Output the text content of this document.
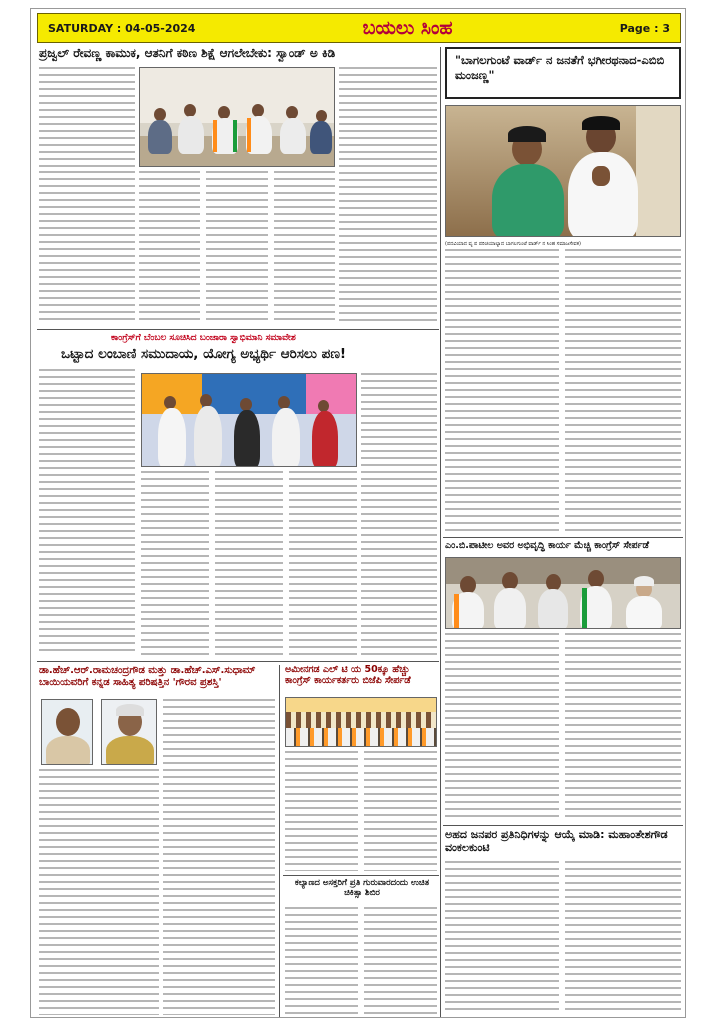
SATURDAY : 04-05-2024	ಬಯಲು ಸಿಂಹ	Page : 3
ಪ್ರಜ್ವಲ್ ರೇವಣ್ಣ ಕಾಮುಕ, ಆತನಿಗೆ ಕಠಿಣ ಶಿಕ್ಷೆ ಆಗಲೇಬೇಕು: ಸ್ವಾಂಡ್ ಅ ಕಿಡಿ
ಕಾಂಗ್ರೆಸ್‌ಗೆ ಬೆಂಬಲ ಸೂಚಿಸಿದ ಬಂಜಾರಾ ಸ್ವಾಭಿಮಾನಿ ಸಮಾವೇಶ
ಒಟ್ಟಾದ ಲಂಬಾಣಿ ಸಮುದಾಯ, ಯೋಗ್ಯ ಅಭ್ಯರ್ಥಿ ಆರಿಸಲು ಪಣ!
ಡಾ.ಹೆಚ್.ಆರ್.ರಾಮಚಂದ್ರಗೌಡ ಮತ್ತು ಡಾ.ಹೆಚ್.ಎಸ್.ಸುಧಾಮ್ ಬಾಯಿಯವರಿಗೆ ಕನ್ನಡ ಸಾಹಿತ್ಯ ಪರಿಷತ್ತಿನ 'ಗೌರವ ಪ್ರಶಸ್ತಿ'
ಅಮೀನಗಡ ಎಲ್ ಟಿ ಯ 50ಕ್ಕೂ ಹೆಚ್ಚು ಕಾಂಗ್ರೆಸ್ ಕಾರ್ಯಕರ್ತರು ಬಿಜೆಪಿ ಸೇರ್ಪಡೆ
ಕಲ್ಯಾಣದ ಅಸಕ್ತರಿಗೆ ಪ್ರತಿ ಗುರುವಾರದಂದು ಉಚಿತ ಚಿಕಿತ್ಸಾ ಶಿಬಿರ
"ಬಾಗಲಗುಂಟೆ ವಾರ್ಡ್ ನ ಜನತೆಗೆ ಭಗೀರಥನಾದ-ಎಬಿಬಿ ಮಂಜಣ್ಣ"
(ಪದವಿಯಾದ ವ್ಯ ಪ ಪರಿಚಯಾಲ್ಯಾದ ಬಾಗಲಗುಂಟೆ ವಾರ್ಡ್ ನ ಸಿಂಹ ಸಮಾಜಸೇವಕ)
ಎಂ.ಬಿ.ಪಾಟೀಲ ಅವರ ಅಭಿವೃದ್ಧಿ ಕಾರ್ಯ ಮೆಚ್ಚಿ ಕಾಂಗ್ರೆಸ್ ಸೇರ್ಪಡೆ
ಅಹದ ಜನಪರ ಪ್ರತಿನಿಧಿಗಳನ್ನು ಆಯ್ಕೆ ಮಾಡಿ: ಮಹಾಂತೇಶಗೌಡ ವಂಕಲಕುಂಟಿ
